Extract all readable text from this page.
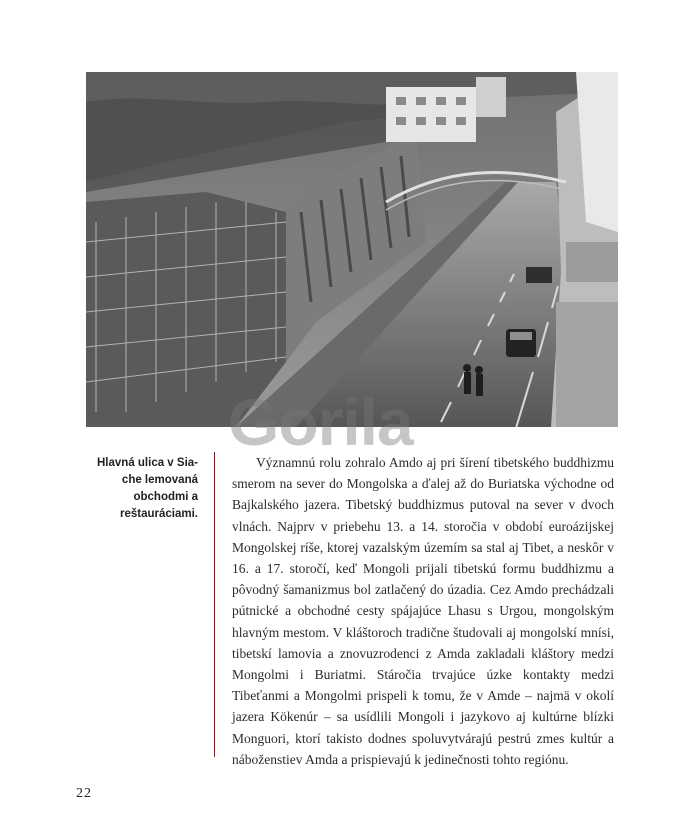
Gorila
Hlavná ulica v Sia-che lemovaná obchodmi a reštauráciami.

Významnú rolu zohralo Amdo aj pri šírení tibetského buddhizmu smerom na sever do Mongolska a ďalej až do Buriatska východne od Bajkalského jazera. Tibetský buddhizmus putoval na sever v dvoch vlnách. Najprv v priebehu 13. a 14. storočia v období euroázijskej Mongolskej ríše, ktorej vazalským územím sa stal aj Tibet, a neskôr v 16. a 17. storočí, keď Mongoli prijali tibetskú formu buddhizmu a pôvodný šamanizmus bol zatlačený do úzadia. Cez Amdo prechádzali pútnické a obchodné cesty spájajúce Lhasu s Urgou, mongolským hlavným mestom. V kláštoroch tradične študovali aj mongolskí mnísi, tibetskí lamovia a znovuzrodenci z Amda zakladali kláštory medzi Mongolmi i Buriatmi. Stáročia trvajúce úzke kontakty medzi Tibeťanmi a Mongolmi prispeli k tomu, že v Amde – najmä v okolí jazera Kökenúr – sa usídlili Mongoli i jazykovo aj kultúrne blízki Monguori, ktorí takisto dodnes spoluvytvárajú pestrú zmes kultúr a náboženstiev Amda a prispievajú k jedinečnosti tohto regiónu.

22
